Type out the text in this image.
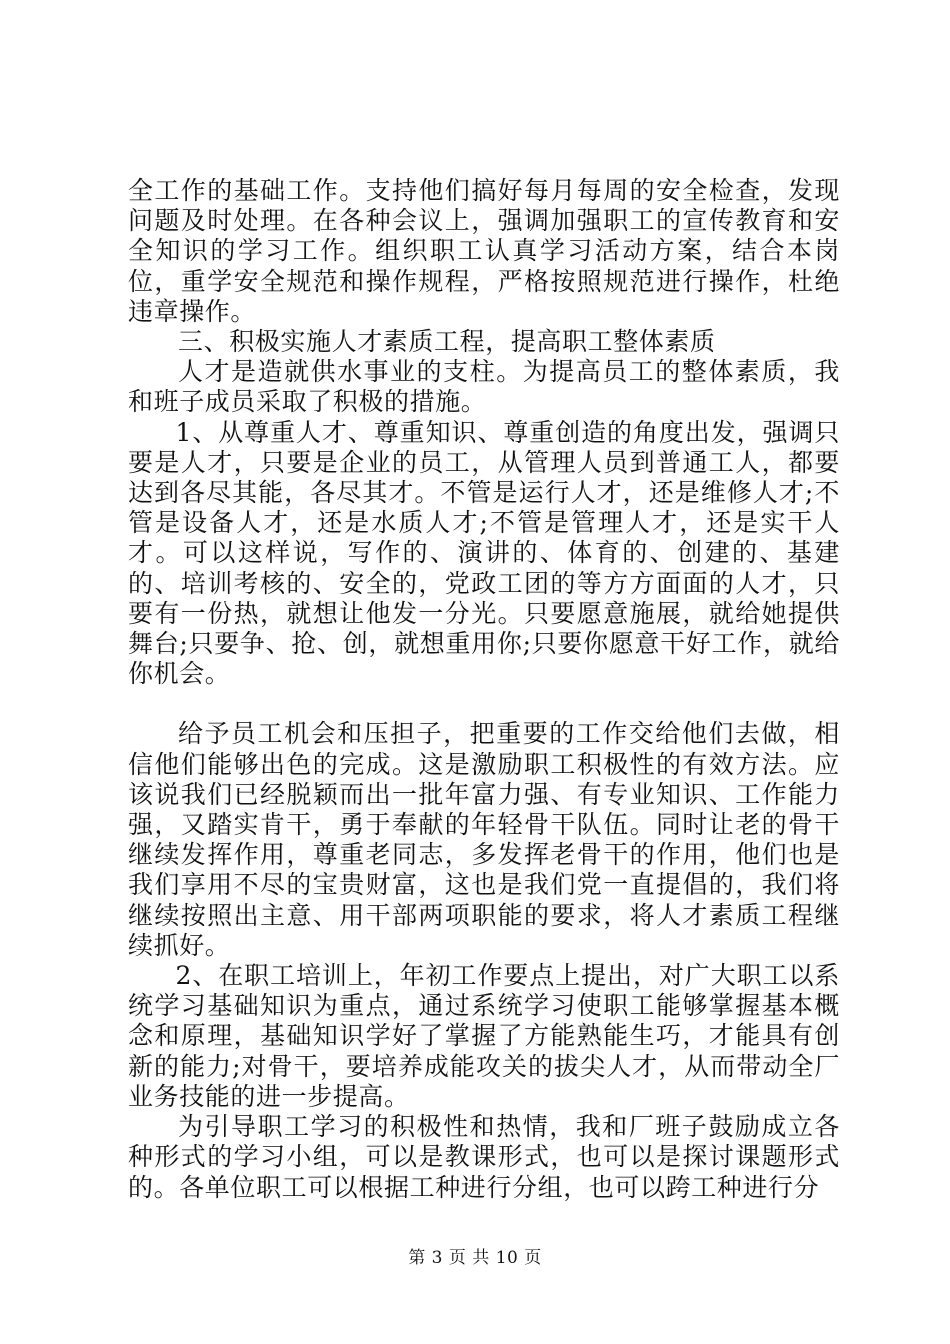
全工作的基础工作。支持他们搞好每月每周的安全检查，发现问题及时处理。在各种会议上，强调加强职工的宣传教育和安全知识的学习工作。组织职工认真学习活动方案，结合本岗位，重学安全规范和操作规程，严格按照规范进行操作，杜绝违章操作。

三、积极实施人才素质工程，提高职工整体素质

人才是造就供水事业的支柱。为提高员工的整体素质，我和班子成员采取了积极的措施。

1、从尊重人才、尊重知识、尊重创造的角度出发，强调只要是人才，只要是企业的员工，从管理人员到普通工人，都要达到各尽其能，各尽其才。不管是运行人才，还是维修人才;不管是设备人才，还是水质人才;不管是管理人才，还是实干人才。可以这样说，写作的、演讲的、体育的、创建的、基建的、培训考核的、安全的，党政工团的等方方面面的人才，只要有一份热，就想让他发一分光。只要愿意施展，就给她提供舞台;只要争、抢、创，就想重用你;只要你愿意干好工作，就给你机会。

给予员工机会和压担子，把重要的工作交给他们去做，相信他们能够出色的完成。这是激励职工积极性的有效方法。应该说我们已经脱颖而出一批年富力强、有专业知识、工作能力强，又踏实肯干，勇于奉献的年轻骨干队伍。同时让老的骨干继续发挥作用，尊重老同志，多发挥老骨干的作用，他们也是我们享用不尽的宝贵财富，这也是我们党一直提倡的，我们将继续按照出主意、用干部两项职能的要求，将人才素质工程继续抓好。

2、在职工培训上，年初工作要点上提出，对广大职工以系统学习基础知识为重点，通过系统学习使职工能够掌握基本概念和原理，基础知识学好了掌握了方能熟能生巧，才能具有创新的能力;对骨干，要培养成能攻关的拔尖人才，从而带动全厂业务技能的进一步提高。

为引导职工学习的积极性和热情，我和厂班子鼓励成立各种形式的学习小组，可以是教课形式，也可以是探讨课题形式的。各单位职工可以根据工种进行分组，也可以跨工种进行分

第 3 页 共 10 页
